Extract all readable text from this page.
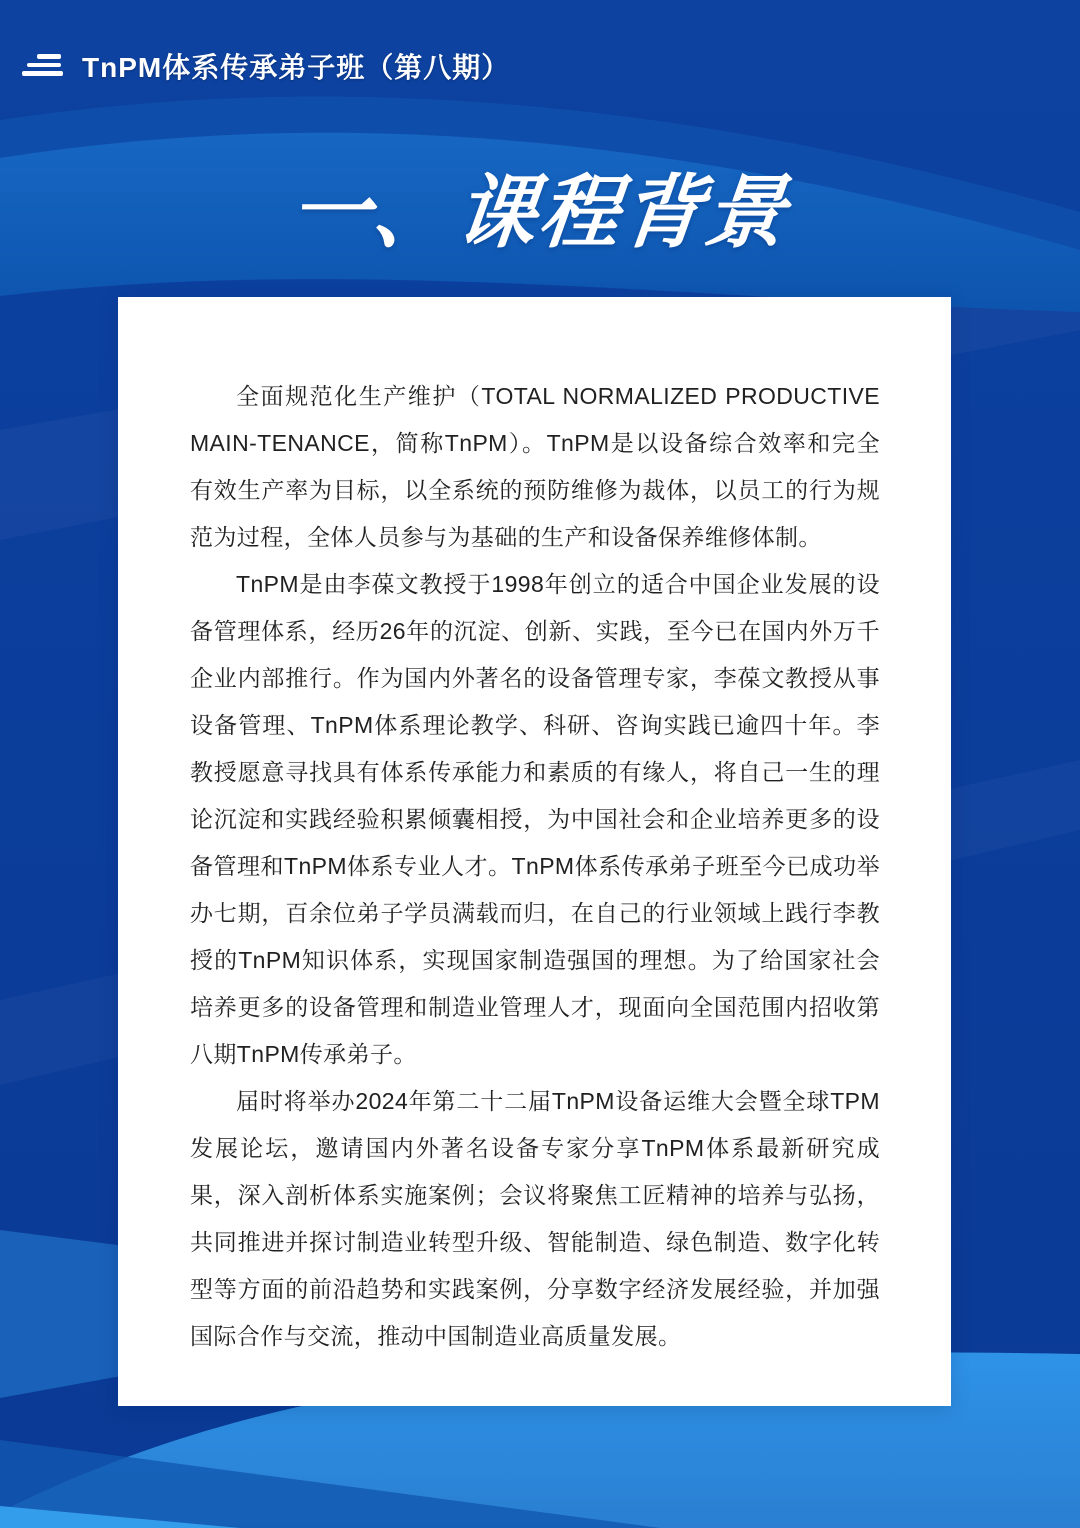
TnPM体系传承弟子班（第八期）
一、课程背景

全面规范化生产维护（TOTAL NORMALIZED PRODUCTIVE MAIN-TENANCE，简称TnPM）。TnPM是以设备综合效率和完全有效生产率为目标，以全系统的预防维修为裁体，以员工的行为规范为过程，全体人员参与为基础的生产和设备保养维修体制。

TnPM是由李葆文教授于1998年创立的适合中国企业发展的设备管理体系，经历26年的沉淀、创新、实践，至今已在国内外万千企业内部推行。作为国内外著名的设备管理专家，李葆文教授从事设备管理、TnPM体系理论教学、科研、咨询实践已逾四十年。李教授愿意寻找具有体系传承能力和素质的有缘人，将自己一生的理论沉淀和实践经验积累倾囊相授，为中国社会和企业培养更多的设备管理和TnPM体系专业人才。TnPM体系传承弟子班至今已成功举办七期，百余位弟子学员满载而归，在自己的行业领域上践行李教授的TnPM知识体系，实现国家制造强国的理想。为了给国家社会培养更多的设备管理和制造业管理人才，现面向全国范围内招收第八期TnPM传承弟子。

届时将举办2024年第二十二届TnPM设备运维大会暨全球TPM发展论坛，邀请国内外著名设备专家分享TnPM体系最新研究成果，深入剖析体系实施案例；会议将聚焦工匠精神的培养与弘扬，共同推进并探讨制造业转型升级、智能制造、绿色制造、数字化转型等方面的前沿趋势和实践案例，分享数字经济发展经验，并加强国际合作与交流，推动中国制造业高质量发展。
